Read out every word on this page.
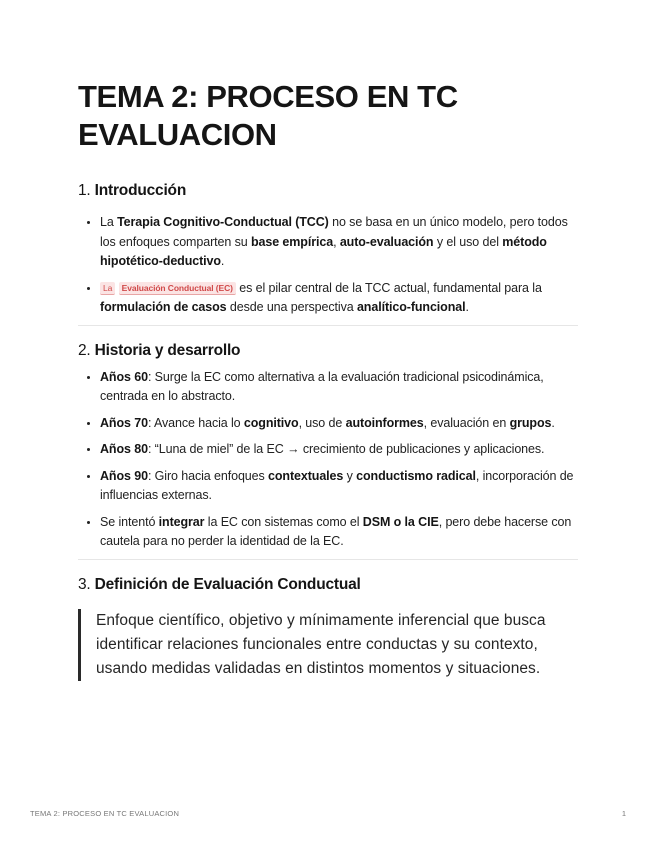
TEMA 2: PROCESO EN TC
EVALUACION
1. Introducción
• La Terapia Cognitivo-Conductual (TCC) no se basa en un único modelo, pero todos los enfoques comparten su base empírica, auto-evaluación y el uso del método hipotético-deductivo.
• La Evaluación Conductual (EC) es el pilar central de la TCC actual, fundamental para la formulación de casos desde una perspectiva analítico-funcional.
2. Historia y desarrollo
• Años 60: Surge la EC como alternativa a la evaluación tradicional psicodinámica, centrada en lo abstracto.
• Años 70: Avance hacia lo cognitivo, uso de autoinformes, evaluación en grupos.
• Años 80: “Luna de miel” de la EC → crecimiento de publicaciones y aplicaciones.
• Años 90: Giro hacia enfoques contextuales y conductismo radical, incorporación de influencias externas.
• Se intentó integrar la EC con sistemas como el DSM o la CIE, pero debe hacerse con cautela para no perder la identidad de la EC.
3. Definición de Evaluación Conductual
Enfoque científico, objetivo y mínimamente inferencial que busca identificar relaciones funcionales entre conductas y su contexto, usando medidas validadas en distintos momentos y situaciones.
TEMA 2: PROCESO EN TC EVALUACION	1
